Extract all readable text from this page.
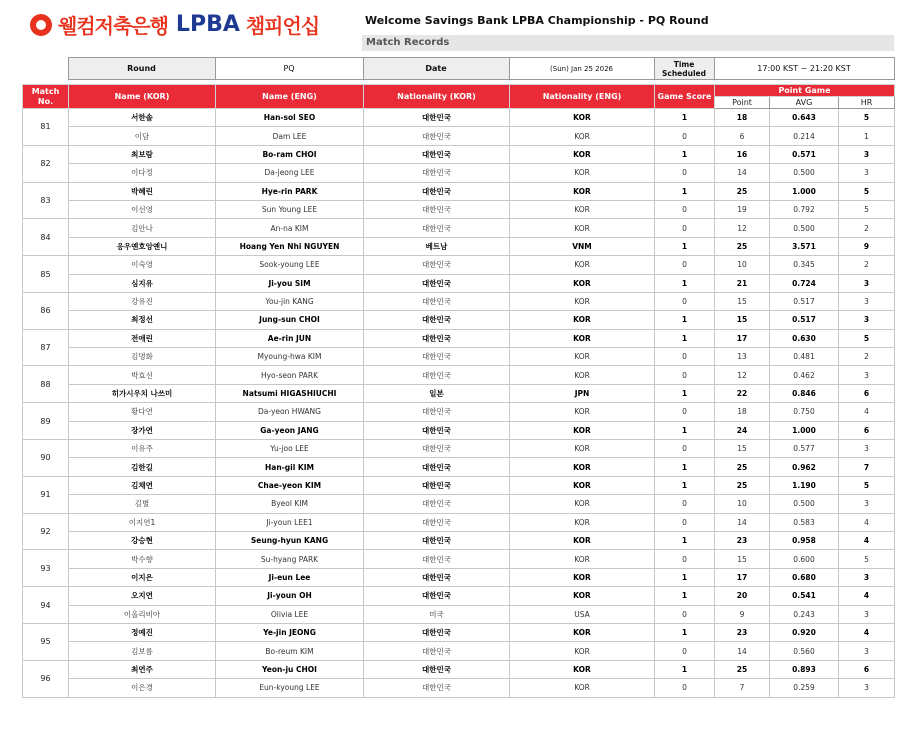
웰컴저축은행 LPBA 챔피언십	Welcome Savings Bank LPBA Championship - PQ Round
Match Records
	Round	PQ	Date	(Sun) Jan 25 2026	Time Scheduled	17:00 KST ~ 21:20 KST
Match No.	Name (KOR)	Name (ENG)	Nationality (KOR)	Nationality (ENG)	Game Score	Point Game		
						Point	AVG	HR
81	서한솔	Han-sol SEO	대한민국	KOR	1	18	0.643	5
	이담	Dam LEE	대한민국	KOR	0	6	0.214	1
82	최보람	Bo-ram CHOI	대한민국	KOR	1	16	0.571	3
	이다정	Da-jeong LEE	대한민국	KOR	0	14	0.500	3
83	박혜린	Hye-rin PARK	대한민국	KOR	1	25	1.000	5
	이선영	Sun Young LEE	대한민국	KOR	0	19	0.792	5
84	김안나	An-na KIM	대한민국	KOR	0	12	0.500	2
	응우옌호앙옌니	Hoang Yen Nhi NGUYEN	베트남	VNM	1	25	3.571	9
85	이숙영	Sook-young LEE	대한민국	KOR	0	10	0.345	2
	심지유	Ji-you SIM	대한민국	KOR	1	21	0.724	3
86	강유진	You-jin KANG	대한민국	KOR	0	15	0.517	3
	최정선	Jung-sun CHOI	대한민국	KOR	1	15	0.517	3
87	전애린	Ae-rin JUN	대한민국	KOR	1	17	0.630	5
	김명화	Myoung-hwa KIM	대한민국	KOR	0	13	0.481	2
88	박효선	Hyo-seon PARK	대한민국	KOR	0	12	0.462	3
	히가시우치 나쓰미	Natsumi HIGASHIUCHI	일본	JPN	1	22	0.846	6
89	황다연	Da-yeon HWANG	대한민국	KOR	0	18	0.750	4
	장가연	Ga-yeon JANG	대한민국	KOR	1	24	1.000	6
90	이유주	Yu-joo LEE	대한민국	KOR	0	15	0.577	3
	김한길	Han-gil KIM	대한민국	KOR	1	25	0.962	7
91	김채연	Chae-yeon KIM	대한민국	KOR	1	25	1.190	5
	김별	Byeol KIM	대한민국	KOR	0	10	0.500	3
92	이지연1	Ji-youn LEE1	대한민국	KOR	0	14	0.583	4
	강승현	Seung-hyun KANG	대한민국	KOR	1	23	0.958	4
93	박수향	Su-hyang PARK	대한민국	KOR	0	15	0.600	5
	이지은	Ji-eun Lee	대한민국	KOR	1	17	0.680	3
94	오지연	Ji-youn OH	대한민국	KOR	1	20	0.541	4
	이올리비아	Olivia LEE	미국	USA	0	9	0.243	3
95	정예진	Ye-jin JEONG	대한민국	KOR	1	23	0.920	4
	김보름	Bo-reum KIM	대한민국	KOR	0	14	0.560	3
96	최연주	Yeon-ju CHOI	대한민국	KOR	1	25	0.893	6
	이은경	Eun-kyoung LEE	대한민국	KOR	0	7	0.259	3
